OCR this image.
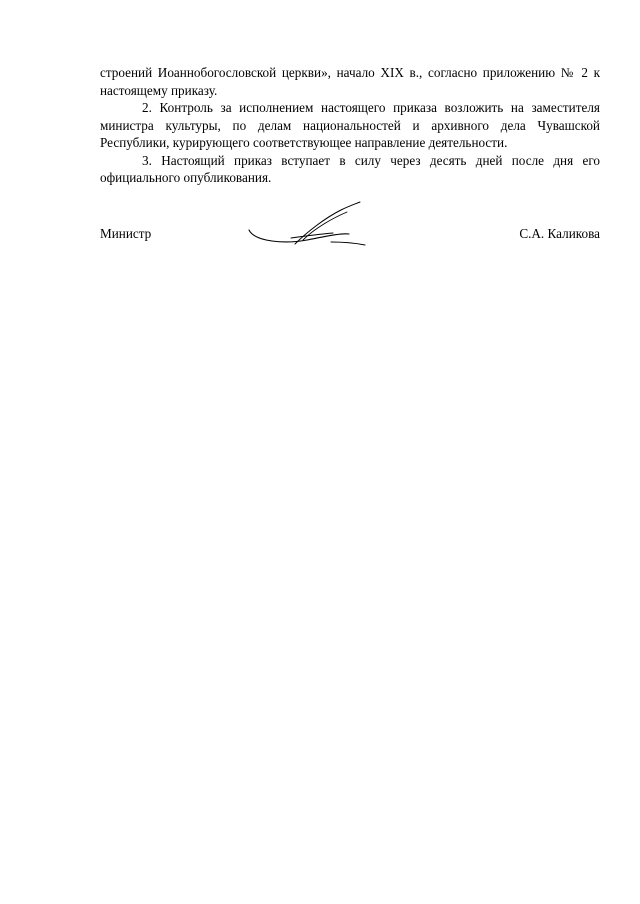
строений Иоаннобогословской церкви», начало XIX в., согласно приложению № 2 к настоящему приказу.

2. Контроль за исполнением настоящего приказа возложить на заместителя министра культуры, по делам национальностей и архивного дела Чувашской Республики, курирующего соответствующее направление деятельности.

3. Настоящий приказ вступает в силу через десять дней после дня его официального опубликования.

Министр	С.А. Каликова
